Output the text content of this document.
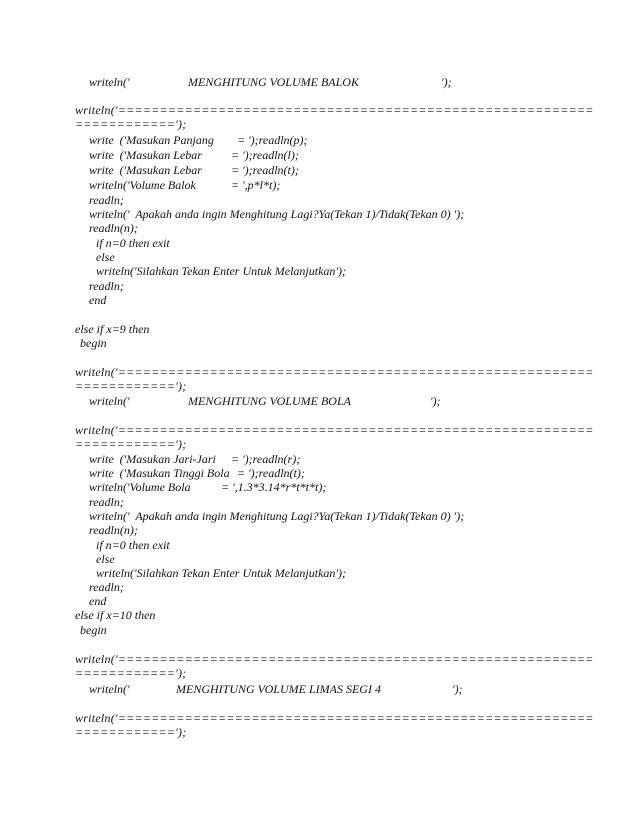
writeln('	MENGHITUNG VOLUME BALOK	');
writeln('=========================================================
============');
write  ('Masukan Panjang = ');readln(p);
write  ('Masukan Lebar = ');readln(l);
write  ('Masukan Lebar = ');readln(t);
writeln('Volume Balok	= ',p*l*t);
readln;
writeln('  Apakah anda ingin Menghitung Lagi?Ya(Tekan 1)/Tidak(Tekan 0) ');
readln(n);
if n=0 then exit
else
writeln('Silahkan Tekan Enter Untuk Melanjutkan');
readln;
end
else if x=9 then
begin
writeln('=========================================================
============');
writeln('	MENGHITUNG VOLUME BOLA	');
writeln('=========================================================
============');
write  ('Masukan Jari-Jari = ');readln(r);
write  ('Masukan Tinggi Bola = ');readln(t);
writeln('Volume Bola	= ',1.3*3.14*r*t*t*t);
readln;
writeln('  Apakah anda ingin Menghitung Lagi?Ya(Tekan 1)/Tidak(Tekan 0) ');
readln(n);
if n=0 then exit
else
writeln('Silahkan Tekan Enter Untuk Melanjutkan');
readln;
end
else if x=10 then
begin
writeln('=========================================================
============');
writeln('	MENGHITUNG VOLUME LIMAS SEGI 4	');
writeln('=========================================================
============');
